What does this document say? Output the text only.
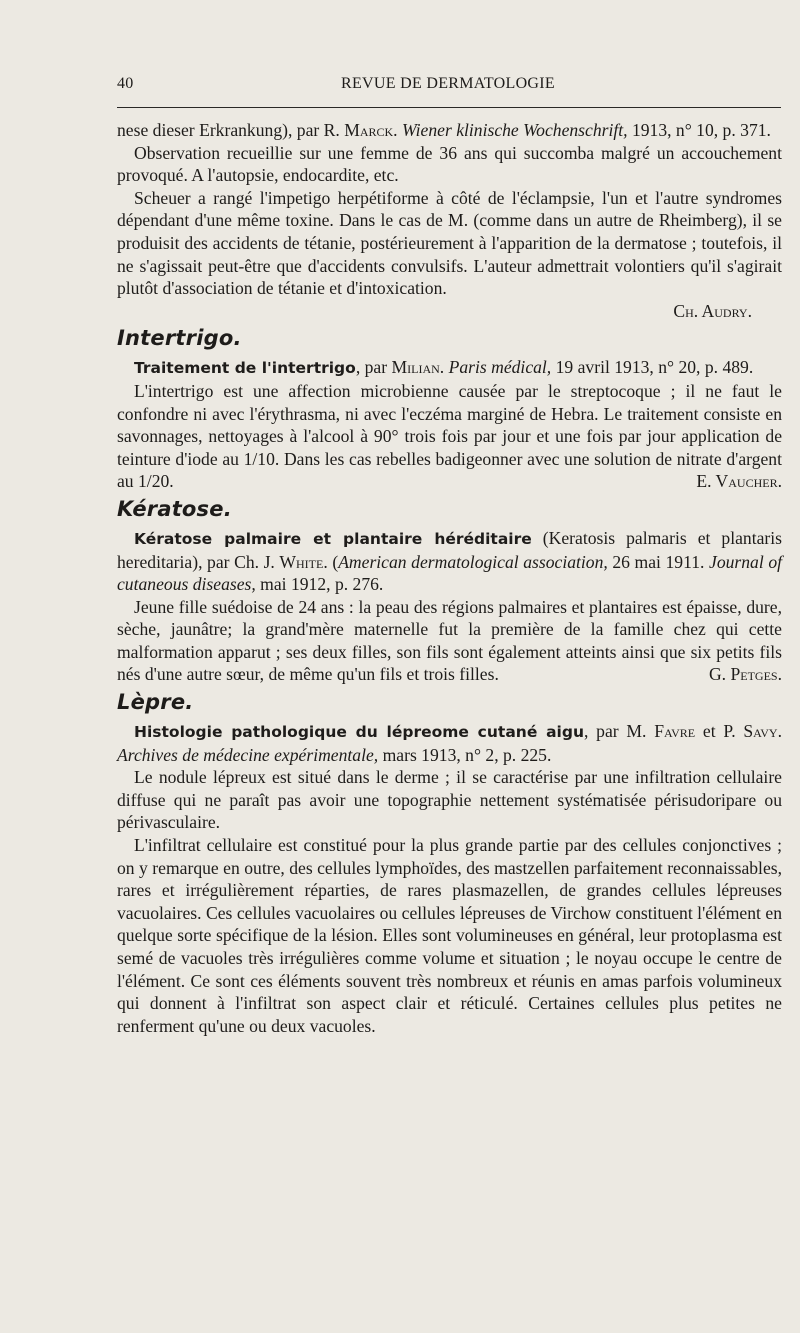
40	REVUE DE DERMATOLOGIE

nese dieser Erkrankung), par R. Marck. Wiener klinische Wochenschrift, 1913, n° 10, p. 371.

Observation recueillie sur une femme de 36 ans qui succomba malgré un accouchement provoqué. A l'autopsie, endocardite, etc.

Scheuer a rangé l'impetigo herpétiforme à côté de l'éclampsie, l'un et l'autre syndromes dépendant d'une même toxine. Dans le cas de M. (comme dans un autre de Rheimberg), il se produisit des accidents de tétanie, postérieurement à l'apparition de la dermatose ; toutefois, il ne s'agissait peut-être que d'accidents convulsifs. L'auteur admettrait volontiers qu'il s'agirait plutôt d'association de tétanie et d'intoxication.

Ch. Audry.

Intertrigo.

Traitement de l'intertrigo, par Milian. Paris médical, 19 avril 1913, n° 20, p. 489.

L'intertrigo est une affection microbienne causée par le streptocoque ; il ne faut le confondre ni avec l'érythrasma, ni avec l'eczéma marginé de Hebra. Le traitement consiste en savonnages, nettoyages à l'alcool à 90° trois fois par jour et une fois par jour application de teinture d'iode au 1/10. Dans les cas rebelles badigeonner avec une solution de nitrate d'argent au 1/20.	E. Vaucher.

Kératose.

Kératose palmaire et plantaire héréditaire (Keratosis palmaris et plantaris hereditaria), par Ch. J. White. (American dermatological association, 26 mai 1911. Journal of cutaneous diseases, mai 1912, p. 276.

Jeune fille suédoise de 24 ans : la peau des régions palmaires et plantaires est épaisse, dure, sèche, jaunâtre; la grand'mère maternelle fut la première de la famille chez qui cette malformation apparut ; ses deux filles, son fils sont également atteints ainsi que six petits fils nés d'une autre sœur, de même qu'un fils et trois filles.	G. Petges.

Lèpre.

Histologie pathologique du lépreome cutané aigu, par M. Favre et P. Savy. Archives de médecine expérimentale, mars 1913, n° 2, p. 225.

Le nodule lépreux est situé dans le derme ; il se caractérise par une infiltration cellulaire diffuse qui ne paraît pas avoir une topographie nettement systématisée périsudoripare ou périvasculaire.

L'infiltrat cellulaire est constitué pour la plus grande partie par des cellules conjonctives ; on y remarque en outre, des cellules lymphoïdes, des mastzellen parfaitement reconnaissables, rares et irrégulièrement réparties, de rares plasmazellen, de grandes cellules lépreuses vacuolaires. Ces cellules vacuolaires ou cellules lépreuses de Virchow constituent l'élément en quelque sorte spécifique de la lésion. Elles sont volumineuses en général, leur protoplasma est semé de vacuoles très irrégulières comme volume et situation ; le noyau occupe le centre de l'élément. Ce sont ces éléments souvent très nombreux et réunis en amas parfois volumineux qui donnent à l'infiltrat son aspect clair et réticulé. Certaines cellules plus petites ne renferment qu'une ou deux vacuoles.
